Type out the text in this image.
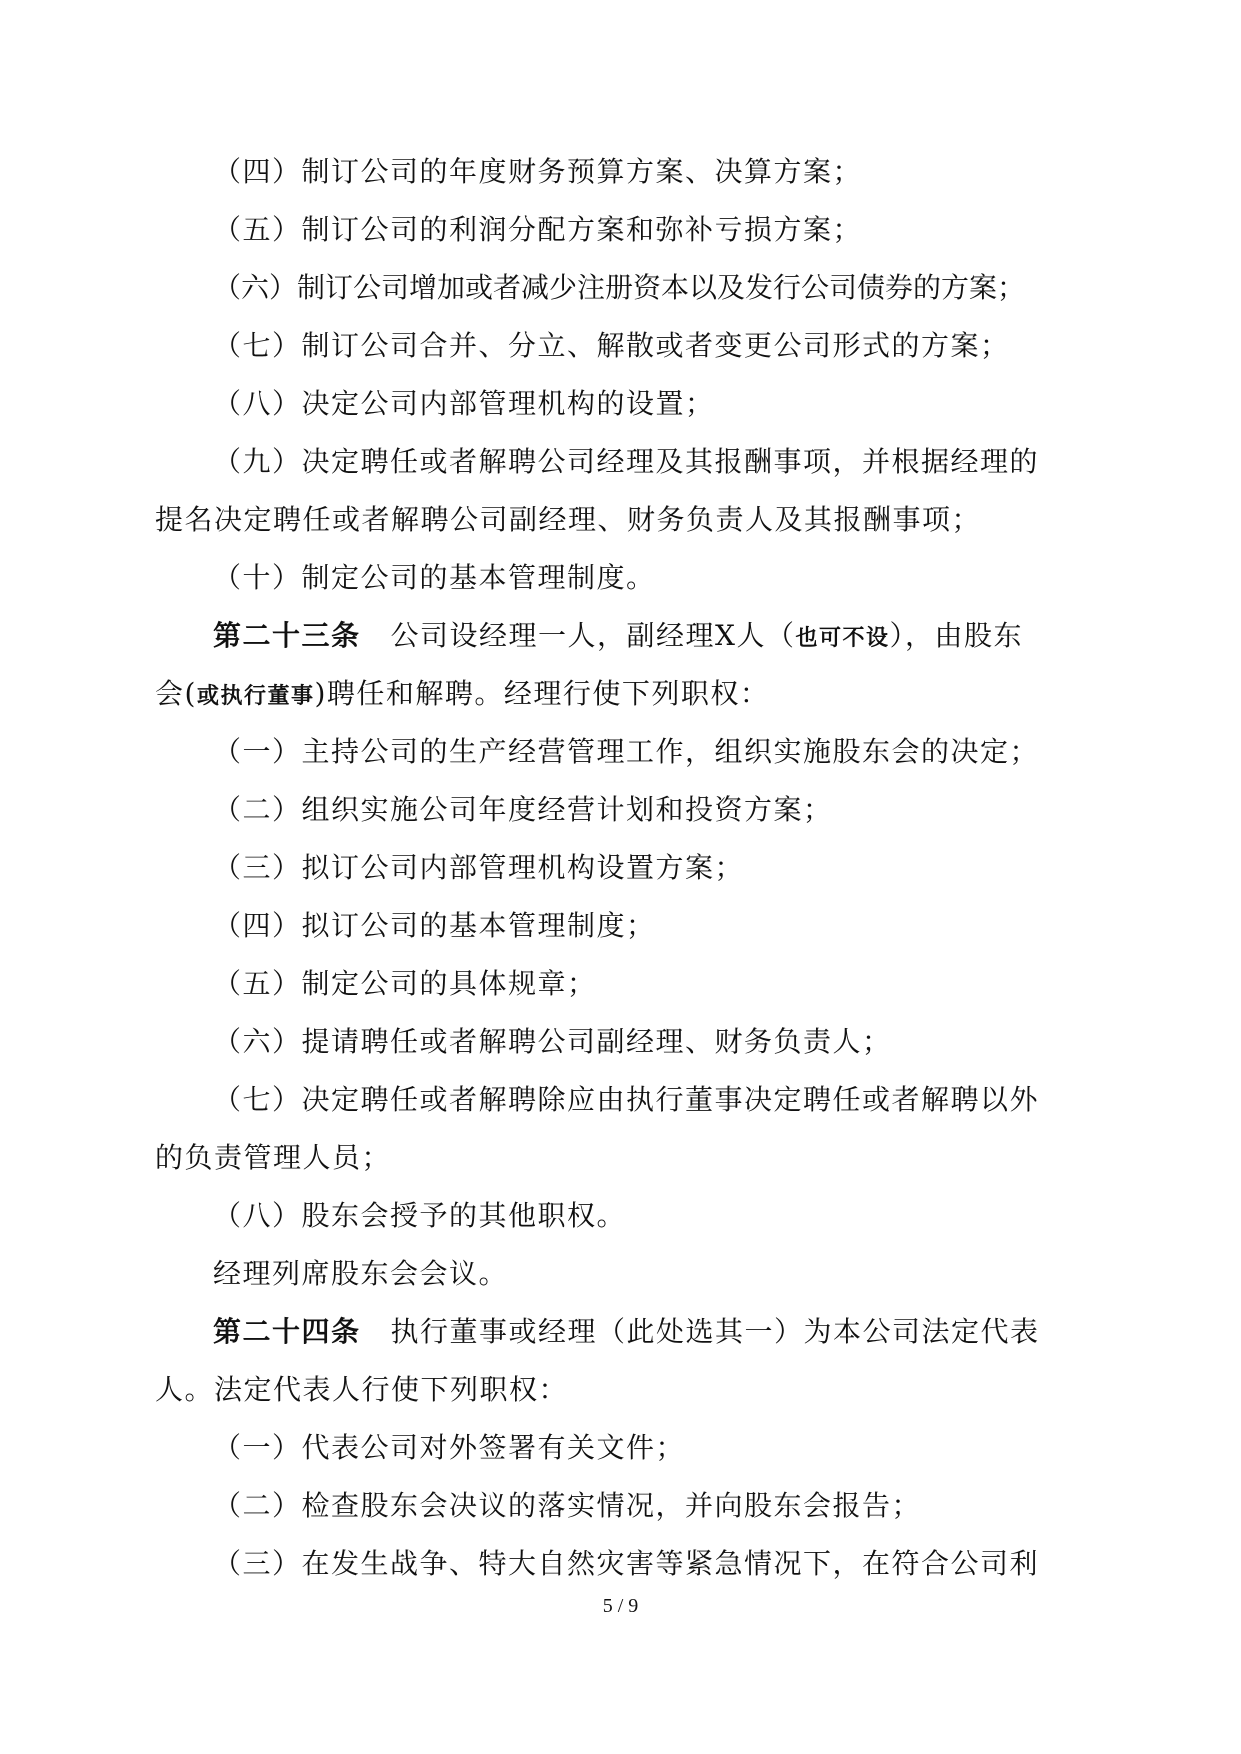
（四）制订公司的年度财务预算方案、决算方案；

（五）制订公司的利润分配方案和弥补亏损方案；

（六）制订公司增加或者减少注册资本以及发行公司债券的方案；

（七）制订公司合并、分立、解散或者变更公司形式的方案；

（八）决定公司内部管理机构的设置；

（九）决定聘任或者解聘公司经理及其报酬事项，并根据经理的

提名决定聘任或者解聘公司副经理、财务负责人及其报酬事项；

（十）制定公司的基本管理制度。

第二十三条 公司设经理一人，副经理X人（也可不设），由股东

会(或执行董事)聘任和解聘。经理行使下列职权：

（一）主持公司的生产经营管理工作，组织实施股东会的决定；

（二）组织实施公司年度经营计划和投资方案；

（三）拟订公司内部管理机构设置方案；

（四）拟订公司的基本管理制度；

（五）制定公司的具体规章；

（六）提请聘任或者解聘公司副经理、财务负责人；

（七）决定聘任或者解聘除应由执行董事决定聘任或者解聘以外

的负责管理人员；

（八）股东会授予的其他职权。

经理列席股东会会议。

第二十四条 执行董事或经理（此处选其一）为本公司法定代表

人。法定代表人行使下列职权：

（一）代表公司对外签署有关文件；

（二）检查股东会决议的落实情况，并向股东会报告；

（三）在发生战争、特大自然灾害等紧急情况下，在符合公司利

5 / 9
